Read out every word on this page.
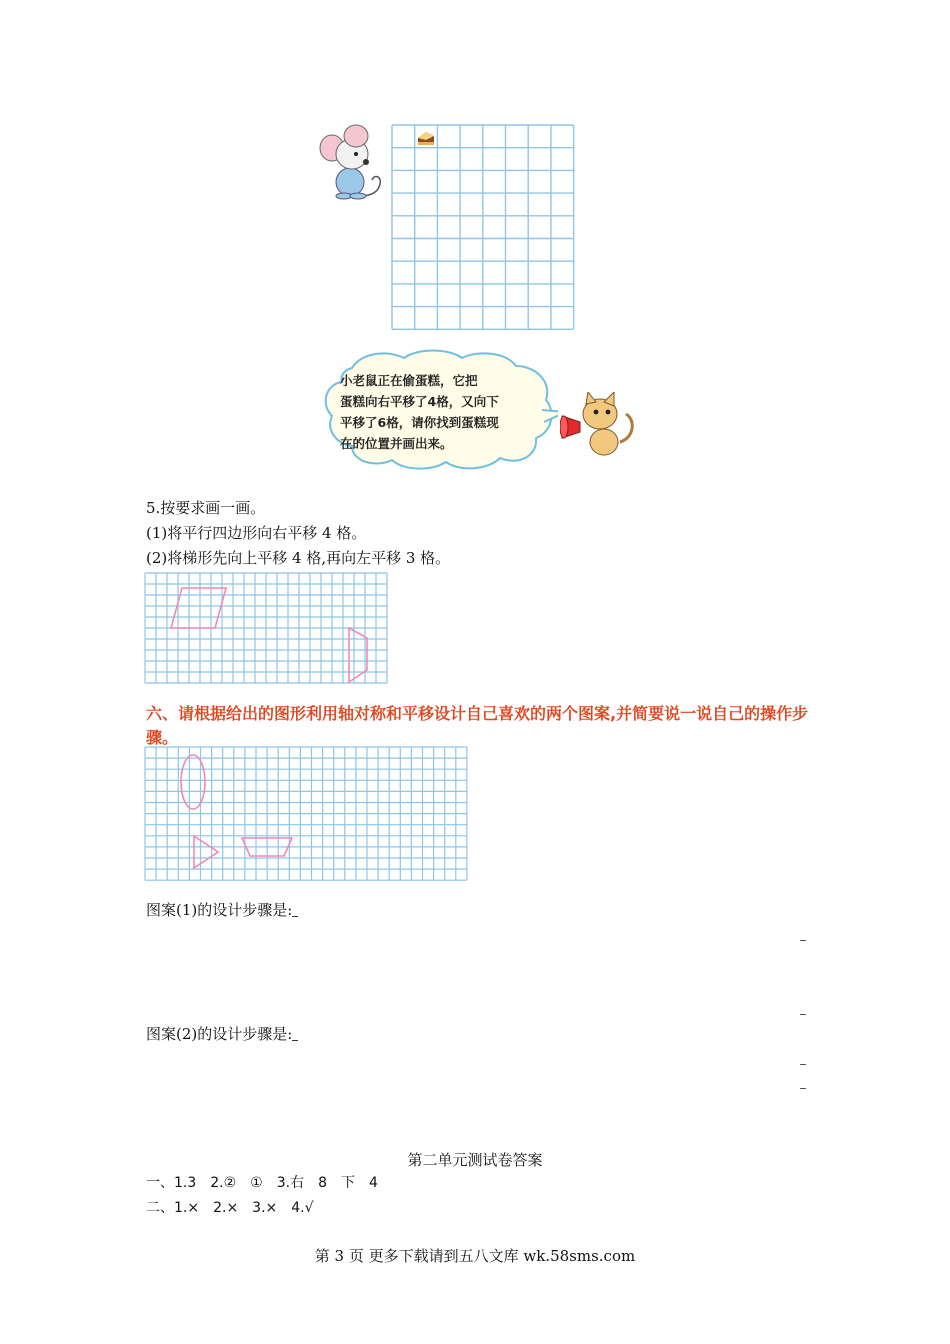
小老鼠正在偷蛋糕，它把
蛋糕向右平移了4格，又向下
平移了6格，请你找到蛋糕现
在的位置并画出来。
5.按要求画一画。
(1)将平行四边形向右平移 4 格。
(2)将梯形先向上平移 4 格,再向左平移 3 格。
六、请根据给出的图形利用轴对称和平移设计自己喜欢的两个图案,并简要说一说自己的操作步骤。
图案(1)的设计步骤是:
图案(2)的设计步骤是:
第二单元测试卷答案
一、1.3　2.②　①　3.右　8　下　4
二、1.×　2.×　3.×　4.√
第 3 页 更多下载请到五八文库 wk.58sms.com
